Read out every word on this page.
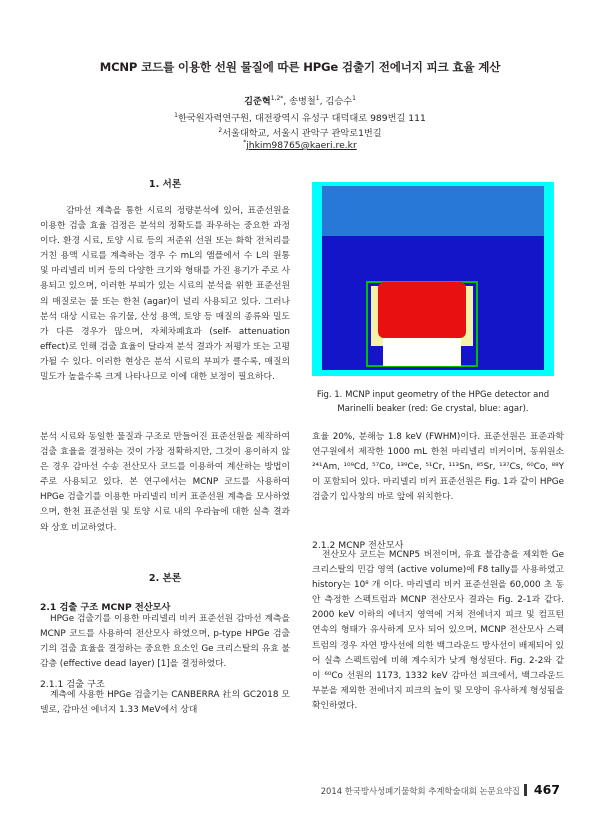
MCNP 코드를 이용한 선원 물질에 따른 HPGe 검출기 전에너지 피크 효율 계산
김준혁$^{1,2*}$, 송병철$^1$, 김승수$^1$
$^1$한국원자력연구원, 대전광역시 유성구 대덕대로 989번길 111
$^2$서울대학교, 서울시 관악구 관악로1번길
*jhkim98765@kaeri.re.kr
1. 서론

감마선 계측을 통한 시료의 정량분석에 있어, 표준선원을 이용한 검출 효율 검정은 분석의 정확도를 좌우하는 중요한 과정이다. 환경 시료, 토양 시료 등의 저준위 선원 또는 화학 전처리를 거친 용액 시료를 계측하는 경우 수 mL의 앰플에서 수 L의 원통 및 마리넬리 비커 등의 다양한 크기와 형태를 가진 용기가 주로 사용되고 있으며, 이러한 부피가 있는 시료의 분석을 위한 표준선원의 매질로는 물 또는 한천 (agar)이 널리 사용되고 있다. 그러나 분석 대상 시료는 유기물, 산성 용액, 토양 등 매질의 종류와 밀도가 다른 경우가 많으며, 자체차폐효과 (self- attenuation effect)로 인해 검출 효율이 달라져 분석 결과가 저평가 또는 고평가될 수 있다. 이러한 현상은 분석 시료의 부피가 클수록, 매질의 밀도가 높을수록 크게 나타나므로 이에 대한 보정이 필요하다.

분석 시료와 동일한 물질과 구조로 만들어진 표준선원을 제작하여 검출 효율을 결정하는 것이 가장 정확하지만, 그것이 용이하지 않은 경우 감마선 수송 전산모사 코드를 이용하여 계산하는 방법이 주로 사용되고 있다. 본 연구에서는 MCNP 코드를 사용하여 HPGe 검출기를 이용한 마리넬리 비커 표준선원 계측을 모사하였으며, 한천 표준선원 및 토양 시료 내의 우라늄에 대한 실측 결과와 상호 비교하였다.

2. 본론
2.1 검출 구조 MCNP 전산모사

HPGe 검출기를 이용한 마리넬리 비커 표준선원 감마선 계측을 MCNP 코드를 사용하여 전산모사 하였으며, p-type HPGe 검출기의 검출 효율을 결정하는 중요한 요소인 Ge 크리스탈의 유효 불감층 (effective dead layer) [1]을 결정하였다.

2.1.1 검출 구조

계측에 사용한 HPGe 검출기는 CANBERRA 社의 GC2018 모델로, 감마선 에너지 1.33 MeV에서 상대

Fig. 1. MCNP input geometry of the HPGe detector and Marinelli beaker (red: Ge crystal, blue: agar).

효율 20%, 분해능 1.8 keV (FWHM)이다. 표준선원은 표준과학연구원에서 제작한 1000 mL 한천 마리넬리 비커이며, 동위원소 ²⁴¹Am, ¹⁰⁹Cd, ⁵⁷Co, ¹³⁹Ce, ⁵¹Cr, ¹¹³Sn, ⁸⁵Sr, ¹³⁷Cs, ⁶⁰Co, ⁸⁸Y이 포함되어 있다. 마리넬리 비커 표준선원은 Fig. 1과 같이 HPGe 검출기 입사창의 바로 앞에 위치한다.

2.1.2 MCNP 전산모사

전산모사 코드는 MCNP5 버전이며, 유효 불감층을 제외한 Ge 크리스탈의 민감 영역 (active volume)에 F8 tally를 사용하였고 history는 10⁸ 개 이다. 마리넬리 비커 표준선원을 60,000 초 동안 측정한 스펙트럼과 MCNP 전산모사 결과는 Fig. 2-1과 같다. 2000 keV 이하의 에너지 영역에 거쳐 전에너지 피크 및 컴프턴 연속의 형태가 유사하게 모사 되어 있으며, MCNP 전산모사 스펙트럼의 경우 자연 방사선에 의한 백그라운드 방사선이 배제되어 있어 실측 스펙트럼에 비해 계수치가 낮게 형성된다. Fig. 2-2와 같이 ⁶⁰Co 선원의 1173, 1332 keV 감마선 피크에서, 백그라운드 부분을 제외한 전에너지 피크의 높이 및 모양이 유사하게 형성됨을 확인하였다.

2014 한국방사성폐기물학회 추계학술대회 논문요약집 467
